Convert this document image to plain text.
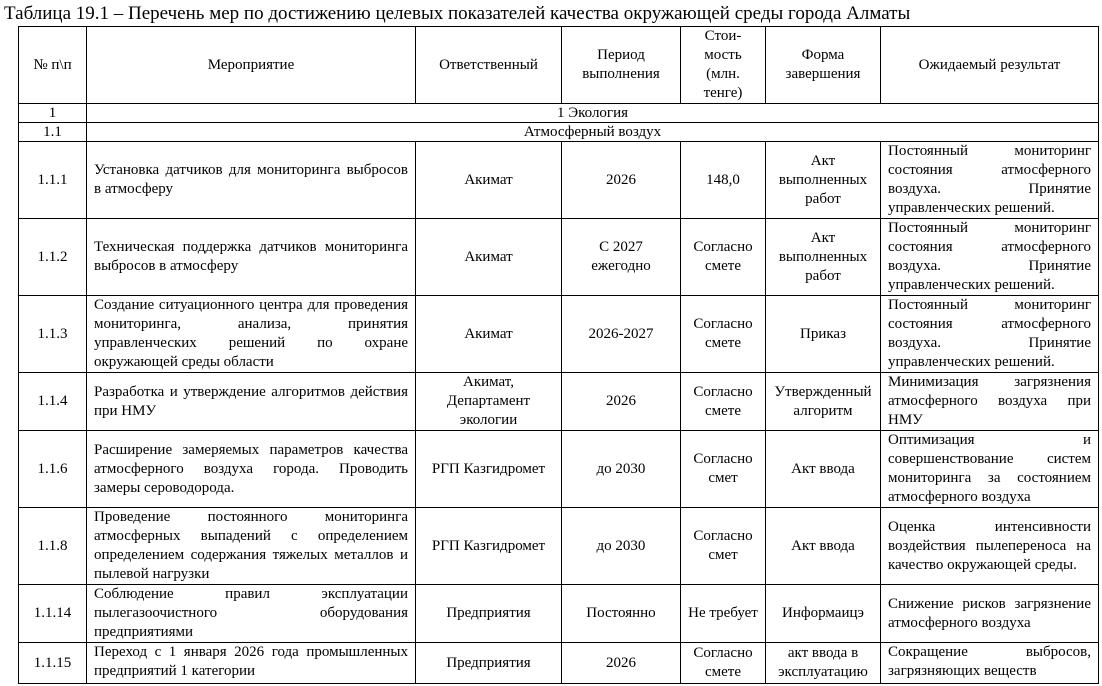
Таблица 19.1 – Перечень мер по достижению целевых показателей качества окружающей среды города Алматы
№ п\п	Мероприятие	Ответственный	Период выполнения	Стои-мость (млн. тенге)	Форма завершения	Ожидаемый результат
1	1 Экология					
1.1	Атмосферный воздух					
1.1.1	Установка датчиков для мониторинга выбросов в атмосферу	Акимат	2026	148,0	Акт выполненных работ	Постоянный мониторинг состояния атмосферного воздуха. Принятие управленческих решений.
1.1.2	Техническая поддержка датчиков мониторинга выбросов в атмосферу	Акимат	С 2027 ежегодно	Согласно смете	Акт выполненных работ	Постоянный мониторинг состояния атмосферного воздуха. Принятие управленческих решений.
1.1.3	Создание ситуационного центра для проведения мониторинга, анализа, принятия управленческих решений по охране окружающей среды области	Акимат	2026-2027	Согласно смете	Приказ	Постоянный мониторинг состояния атмосферного воздуха. Принятие управленческих решений.
1.1.4	Разработка и утверждение алгоритмов действия при НМУ	Акимат, Департамент экологии	2026	Согласно смете	Утвержденный алгоритм	Минимизация загрязнения атмосферного воздуха при НМУ
1.1.6	Расширение замеряемых параметров качества атмосферного воздуха города. Проводить замеры сероводорода.	РГП Казгидромет	до 2030	Согласно смет	Акт ввода	Оптимизация и совершенствование систем мониторинга за состоянием атмосферного воздуха
1.1.8	Проведение постоянного мониторинга атмосферных выпадений с определением определением содержания тяжелых металлов и пылевой нагрузки	РГП Казгидромет	до 2030	Согласно смет	Акт ввода	Оценка интенсивности воздействия пылепереноса на качество окружающей среды.
1.1.14	Соблюдение правил эксплуатации пылегазоочистного оборудования предприятиями	Предприятия	Постоянно	Не требует	Информаицэ	Снижение рисков загрязнение атмосферного воздуха
1.1.15	Переход с 1 января 2026 года промышленных предприятий 1 категории	Предприятия	2026	Согласно смете	акт ввода в эксплуатацию	Сокращение выбросов, загрязняющих веществ
